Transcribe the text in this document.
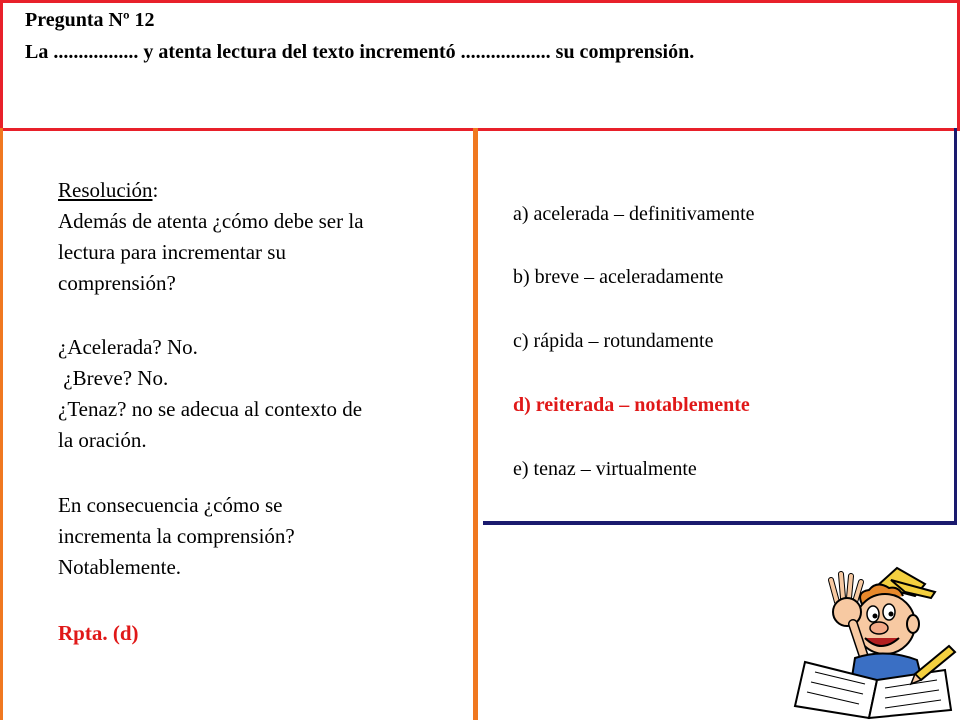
Pregunta Nº 12
La ................. y atenta lectura del texto incrementó .................. su comprensión.
Resolución:
Además de atenta ¿cómo debe ser la
lectura para incrementar su
comprensión?
¿Acelerada? No.
¿Breve? No.
¿Tenaz? no se adecua al contexto de
la oración.
En consecuencia ¿cómo se
incrementa la comprensión?
Notablemente.
Rpta. (d)
a) acelerada – definitivamente
b) breve – aceleradamente
c) rápida – rotundamente
d) reiterada – notablemente
e) tenaz – virtualmente
